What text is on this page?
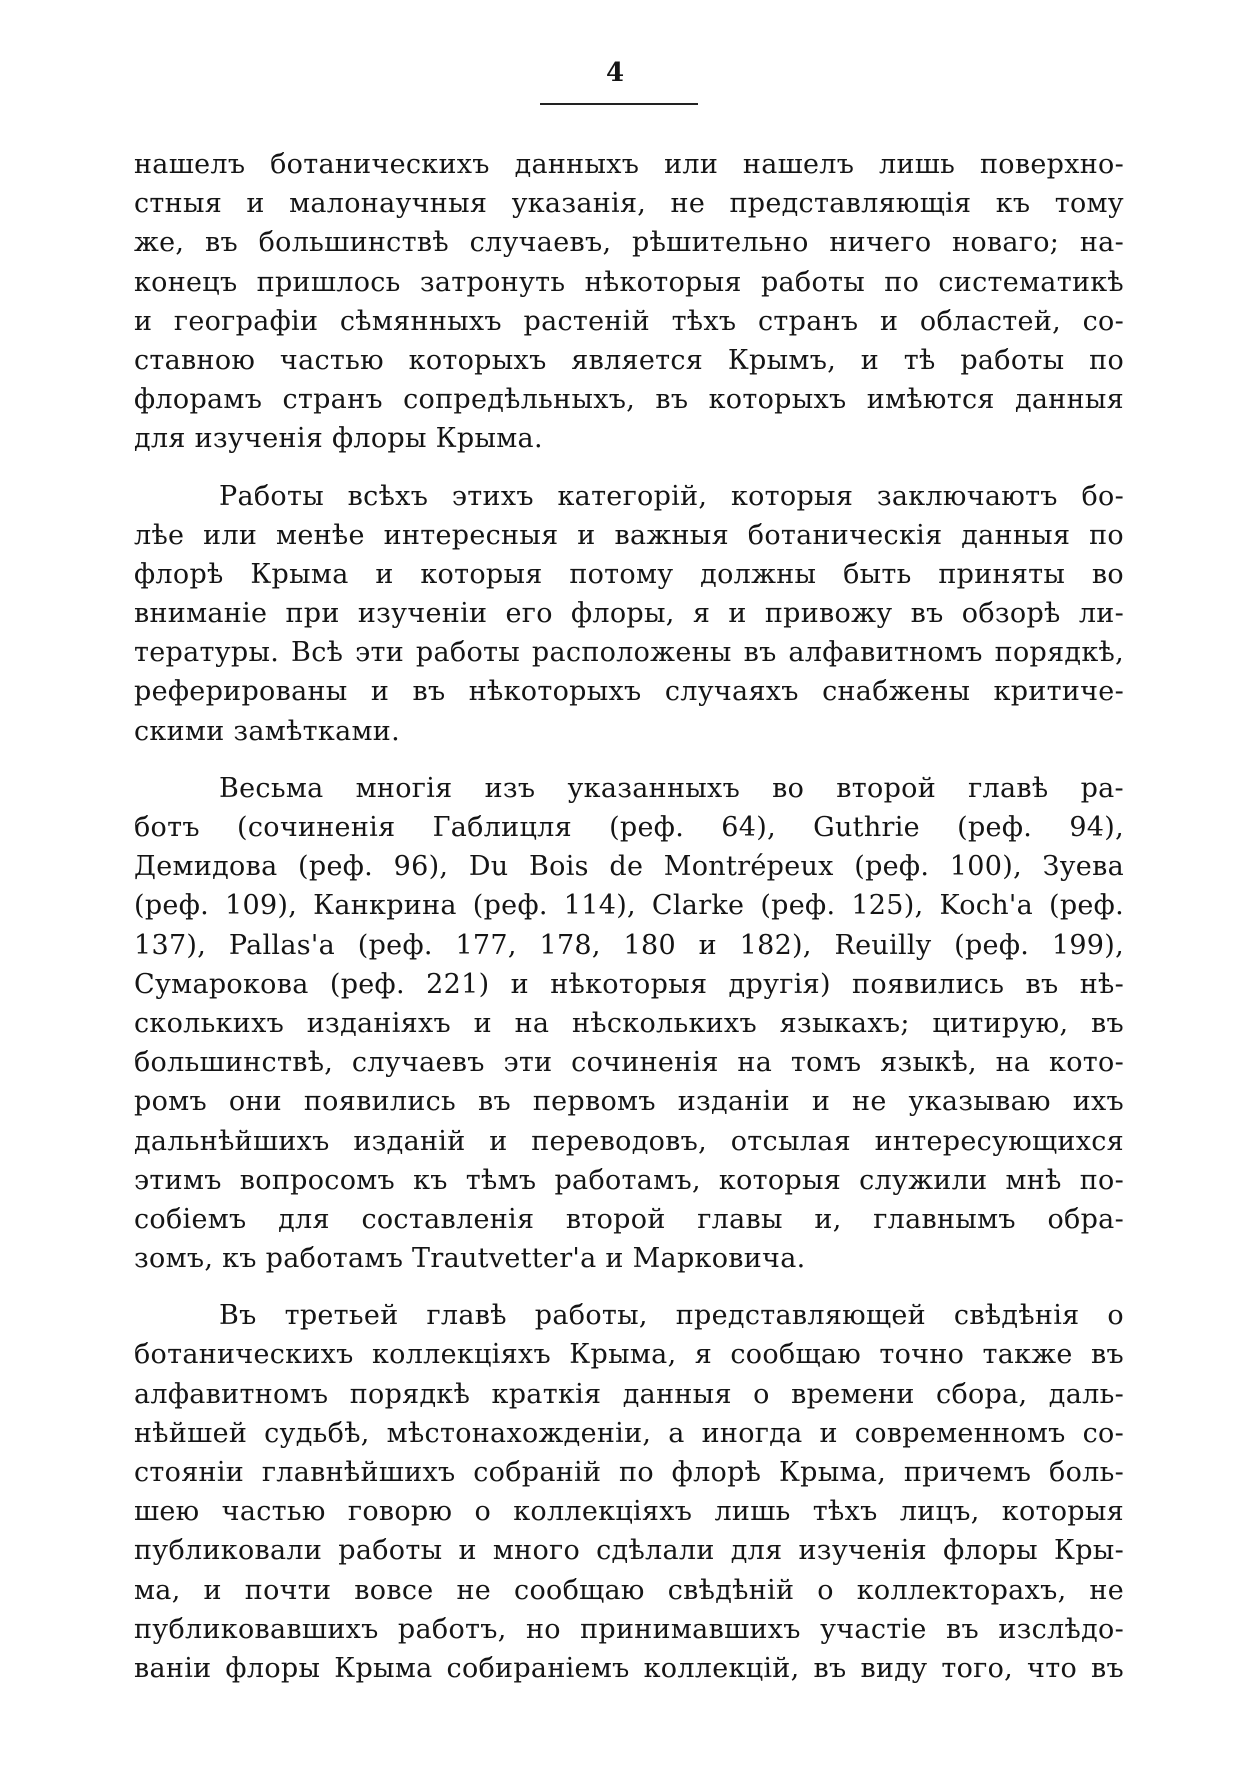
4
нашелъ ботаническихъ данныхъ или нашелъ лишь поверхно-
стныя и малонаучныя указанія, не представляющія къ тому
же, въ большинствѣ случаевъ, рѣшительно ничего новаго; на-
конецъ пришлось затронуть нѣкоторыя работы по систематикѣ
и географіи сѣмянныхъ растеній тѣхъ странъ и областей, со-
ставною частью которыхъ является Крымъ, и тѣ работы по
флорамъ странъ сопредѣльныхъ, въ которыхъ имѣются данныя
для изученія флоры Крыма.
Работы всѣхъ этихъ категорій, которыя заключаютъ бо-
лѣе или менѣе интересныя и важныя ботаническія данныя по
флорѣ Крыма и которыя потому должны быть приняты во
вниманіе при изученіи его флоры, я и привожу въ обзорѣ ли-
тературы. Всѣ эти работы расположены въ алфавитномъ порядкѣ,
реферированы и въ нѣкоторыхъ случаяхъ снабжены критиче-
скими замѣтками.
Весьма многія изъ указанныхъ во второй главѣ ра-
ботъ (сочиненія Габлицля (реф. 64), Guthrie (реф. 94),
Демидова (реф. 96), Du Bois de Montrépeux (реф. 100), Зуева
(реф. 109), Канкрина (реф. 114), Clarke (реф. 125), Koch'a (реф.
137), Pallas'a (реф. 177, 178, 180 и 182), Reuilly (реф. 199),
Сумарокова (реф. 221) и нѣкоторыя другія) появились въ нѣ-
сколькихъ изданіяхъ и на нѣсколькихъ языкахъ; цитирую, въ
большинствѣ, случаевъ эти сочиненія на томъ языкѣ, на кото-
ромъ они появились въ первомъ изданіи и не указываю ихъ
дальнѣйшихъ изданій и переводовъ, отсылая интересующихся
этимъ вопросомъ къ тѣмъ работамъ, которыя служили мнѣ по-
собіемъ для составленія второй главы и, главнымъ обра-
зомъ, къ работамъ Trautvetter'a и Марковича.
Въ третьей главѣ работы, представляющей свѣдѣнія о
ботаническихъ коллекціяхъ Крыма, я сообщаю точно также въ
алфавитномъ порядкѣ краткія данныя о времени сбора, даль-
нѣйшей судьбѣ, мѣстонахожденіи, а иногда и современномъ со-
стояніи главнѣйшихъ собраній по флорѣ Крыма, причемъ боль-
шею частью говорю о коллекціяхъ лишь тѣхъ лицъ, которыя
публиковали работы и много сдѣлали для изученія флоры Кры-
ма, и почти вовсе не сообщаю свѣдѣній о коллекторахъ, не
публиковавшихъ работъ, но принимавшихъ участіе въ изслѣдо-
ваніи флоры Крыма собираніемъ коллекцій, въ виду того, что въ
